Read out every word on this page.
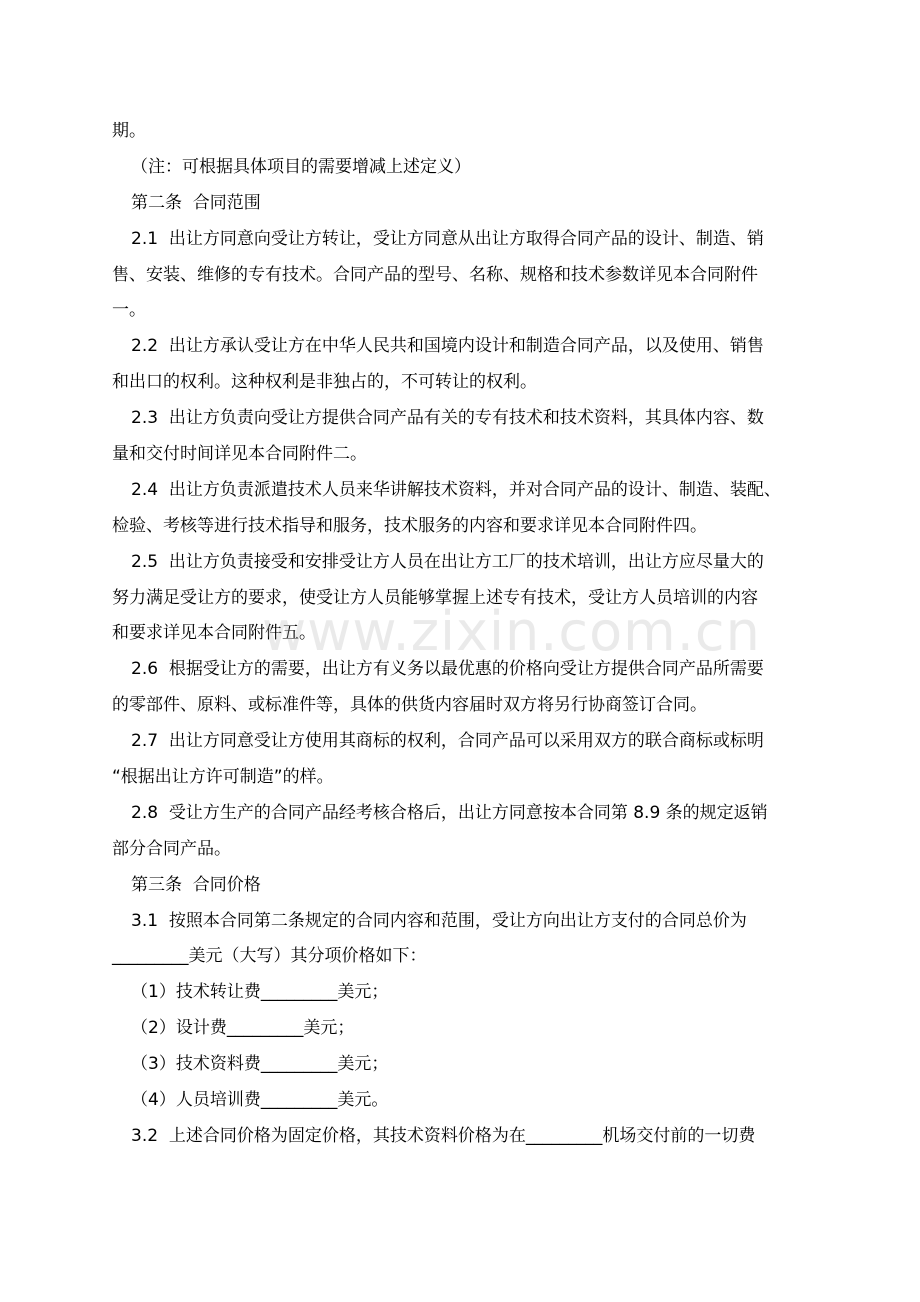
期。
（注：可根据具体项目的需要增减上述定义）
第二条  合同范围
2.1  出让方同意向受让方转让，受让方同意从出让方取得合同产品的设计、制造、销
售、安装、维修的专有技术。合同产品的型号、名称、规格和技术参数详见本合同附件
一。
2.2  出让方承认受让方在中华人民共和国境内设计和制造合同产品，以及使用、销售
和出口的权利。这种权利是非独占的，不可转让的权利。
2.3  出让方负责向受让方提供合同产品有关的专有技术和技术资料，其具体内容、数
量和交付时间详见本合同附件二。
2.4  出让方负责派遣技术人员来华讲解技术资料，并对合同产品的设计、制造、装配、
检验、考核等进行技术指导和服务，技术服务的内容和要求详见本合同附件四。
2.5  出让方负责接受和安排受让方人员在出让方工厂的技术培训，出让方应尽量大的
努力满足受让方的要求，使受让方人员能够掌握上述专有技术，受让方人员培训的内容
和要求详见本合同附件五。
2.6  根据受让方的需要，出让方有义务以最优惠的价格向受让方提供合同产品所需要
的零部件、原料、或标准件等，具体的供货内容届时双方将另行协商签订合同。
2.7  出让方同意受让方使用其商标的权利，合同产品可以采用双方的联合商标或标明
“根据出让方许可制造”的样。
2.8  受让方生产的合同产品经考核合格后，出让方同意按本合同第 8.9 条的规定返销
部分合同产品。
第三条  合同价格
3.1  按照本合同第二条规定的合同内容和范围，受让方向出让方支付的合同总价为
_________美元（大写）其分项价格如下：
（1）技术转让费_________美元；
（2）设计费_________美元；
（3）技术资料费_________美元；
（4）人员培训费_________美元。
3.2  上述合同价格为固定价格，其技术资料价格为在_________机场交付前的一切费
www.zixin.com.cn
